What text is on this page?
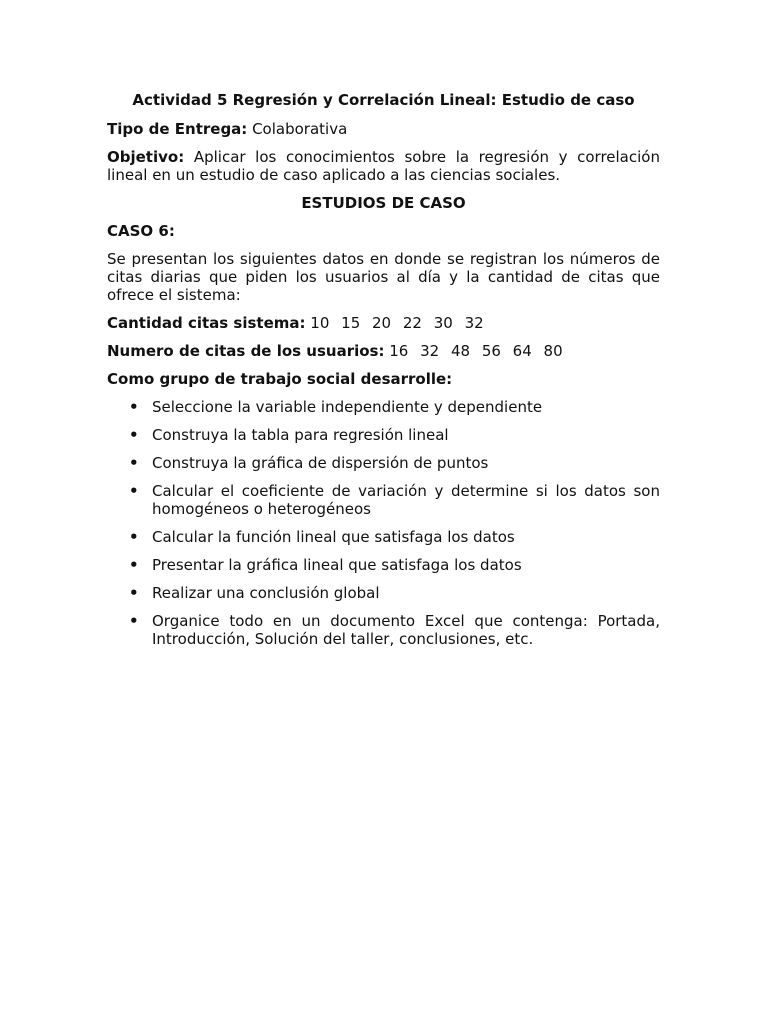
Actividad 5 Regresión y Correlación Lineal: Estudio de caso

Tipo de Entrega: Colaborativa

Objetivo: Aplicar los conocimientos sobre la regresión y correlación lineal en un estudio de caso aplicado a las ciencias sociales.

ESTUDIOS DE CASO

CASO 6:

Se presentan los siguientes datos en donde se registran los números de citas diarias que piden los usuarios al día y la cantidad de citas que ofrece el sistema:

Cantidad citas sistema: 10 15 20 22 30 32

Numero de citas de los usuarios: 16 32 48 56 64 80

Como grupo de trabajo social desarrolle:

• Seleccione la variable independiente y dependiente
• Construya la tabla para regresión lineal
• Construya la gráfica de dispersión de puntos
• Calcular el coeficiente de variación y determine si los datos son homogéneos o heterogéneos
• Calcular la función lineal que satisfaga los datos
• Presentar la gráfica lineal que satisfaga los datos
• Realizar una conclusión global
• Organice todo en un documento Excel que contenga: Portada, Introducción, Solución del taller, conclusiones, etc.
